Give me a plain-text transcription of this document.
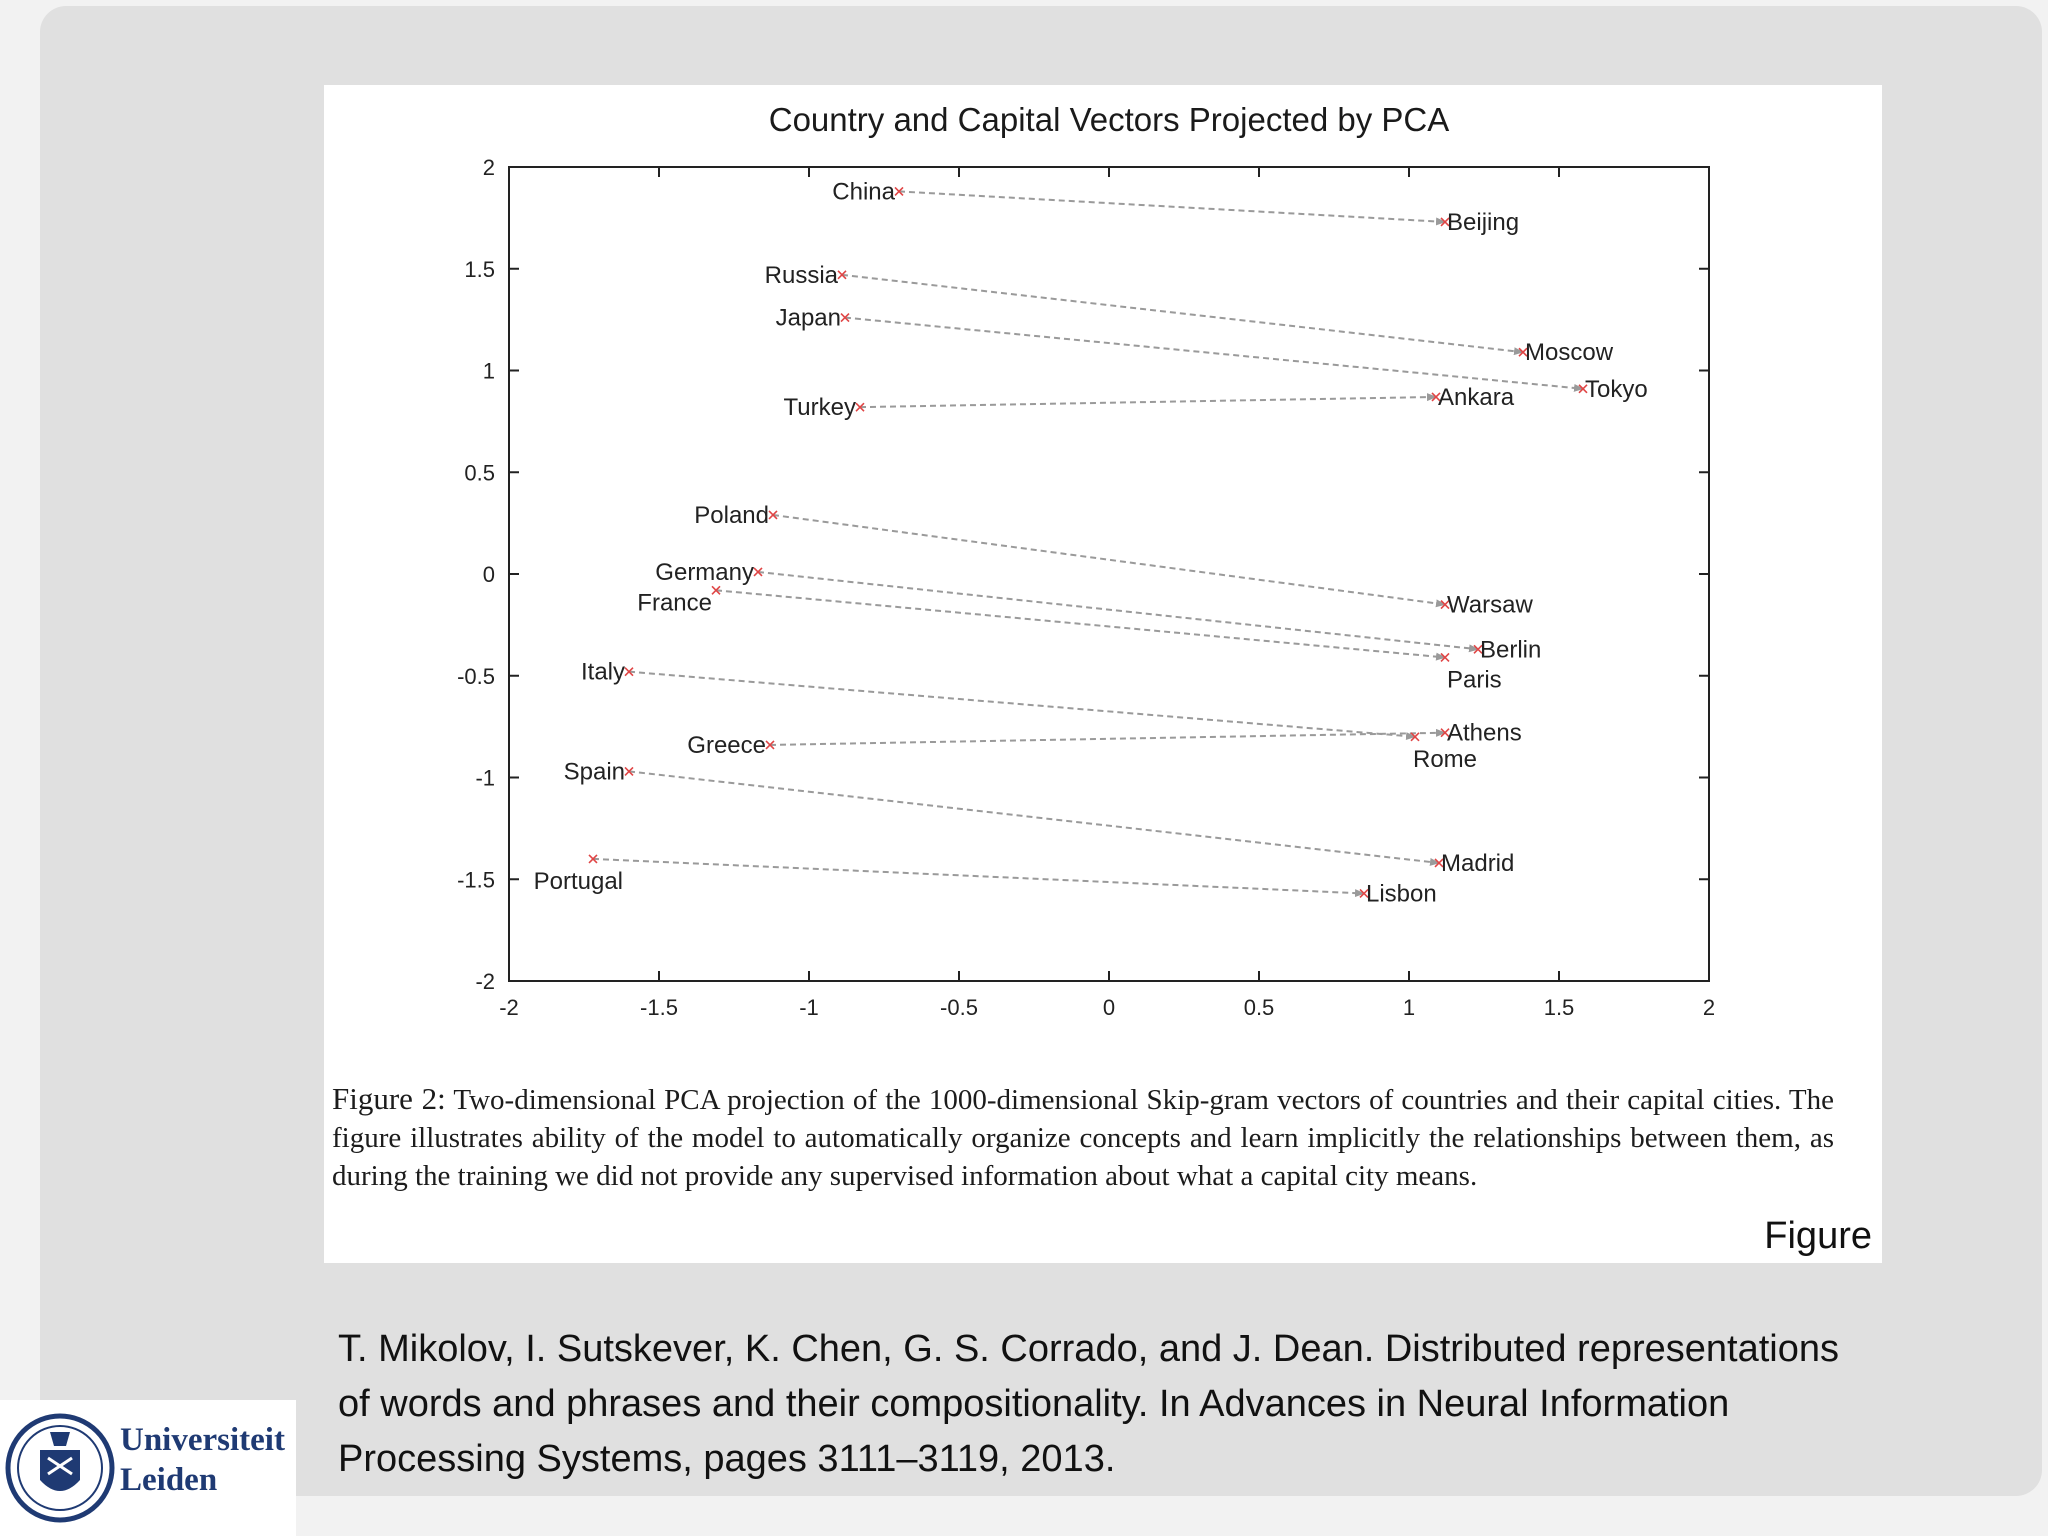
Country and Capital Vectors Projected by PCA
-2	-1.5	-1	-0.5	0	0.5	1	1.5	2
2
1.5
1
0.5
0
-0.5
-1
-1.5
-2
China
Beijing
Russia
Moscow
Japan
Tokyo
Turkey	Ankara
Poland
Warsaw
Germany
Berlin
France
Paris
Italy
Rome
Greece	Athens
Spain
Madrid
Portugal	Lisbon

Figure 2: Two-dimensional PCA projection of the 1000-dimensional Skip-gram vectors of countries and their capital cities. The figure illustrates ability of the model to automatically organize concepts and learn implicitly the relationships between them, as during the training we did not provide any supervised information about what a capital city means.

Figure

T. Mikolov, I. Sutskever, K. Chen, G. S. Corrado, and J. Dean. Distributed representations of words and phrases and their compositionality. In Advances in Neural Information Processing Systems, pages 3111–3119, 2013.

Universiteit
Leiden
